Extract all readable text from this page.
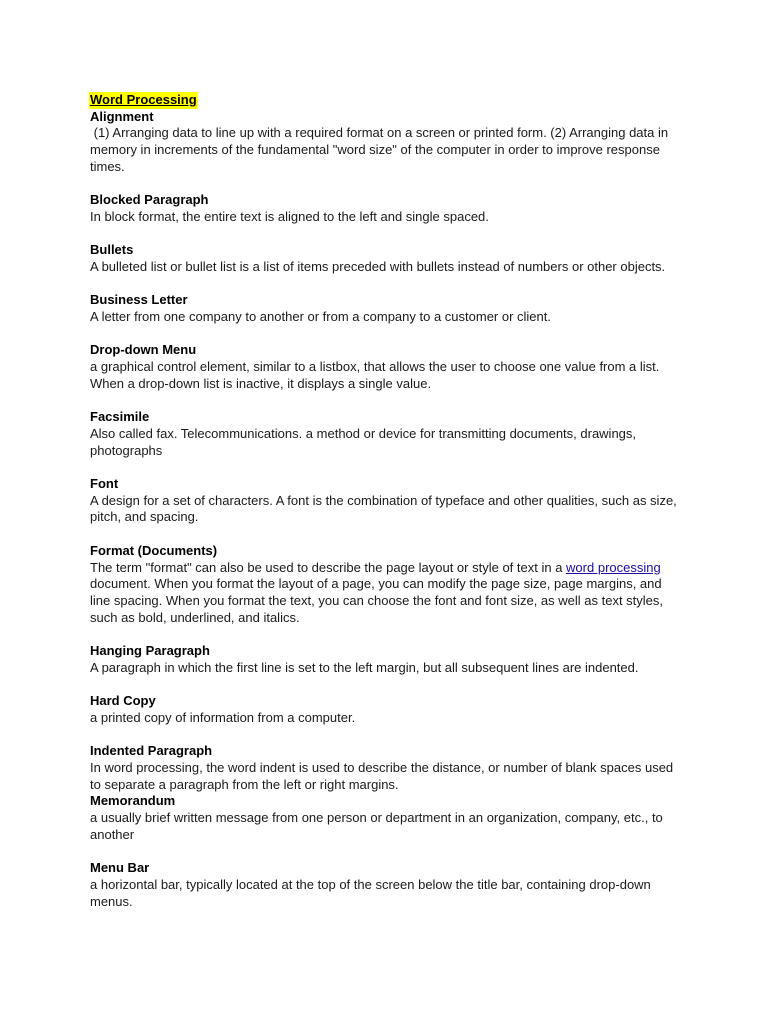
Word Processing
Alignment
(1) Arranging data to line up with a required format on a screen or printed form. (2) Arranging data in memory in increments of the fundamental "word size" of the computer in order to improve response times.
Blocked Paragraph
In block format, the entire text is aligned to the left and single spaced.
Bullets
A bulleted list or bullet list is a list of items preceded with bullets instead of numbers or other objects.
Business Letter
A letter from one company to another or from a company to a customer or client.
Drop-down Menu
a graphical control element, similar to a listbox, that allows the user to choose one value from a list. When a drop-down list is inactive, it displays a single value.
Facsimile
Also called fax. Telecommunications. a method or device for transmitting documents, drawings, photographs
Font
A design for a set of characters. A font is the combination of typeface and other qualities, such as size, pitch, and spacing.
Format (Documents)
The term "format" can also be used to describe the page layout or style of text in a word processing document. When you format the layout of a page, you can modify the page size, page margins, and line spacing. When you format the text, you can choose the font and font size, as well as text styles, such as bold, underlined, and italics.
Hanging Paragraph
A paragraph in which the first line is set to the left margin, but all subsequent lines are indented.
Hard Copy
a printed copy of information from a computer.
Indented Paragraph
In word processing, the word indent is used to describe the distance, or number of blank spaces used to separate a paragraph from the left or right margins.
Memorandum
a usually brief written message from one person or department in an organization, company, etc., to another
Menu Bar
a horizontal bar, typically located at the top of the screen below the title bar, containing drop-down menus.
